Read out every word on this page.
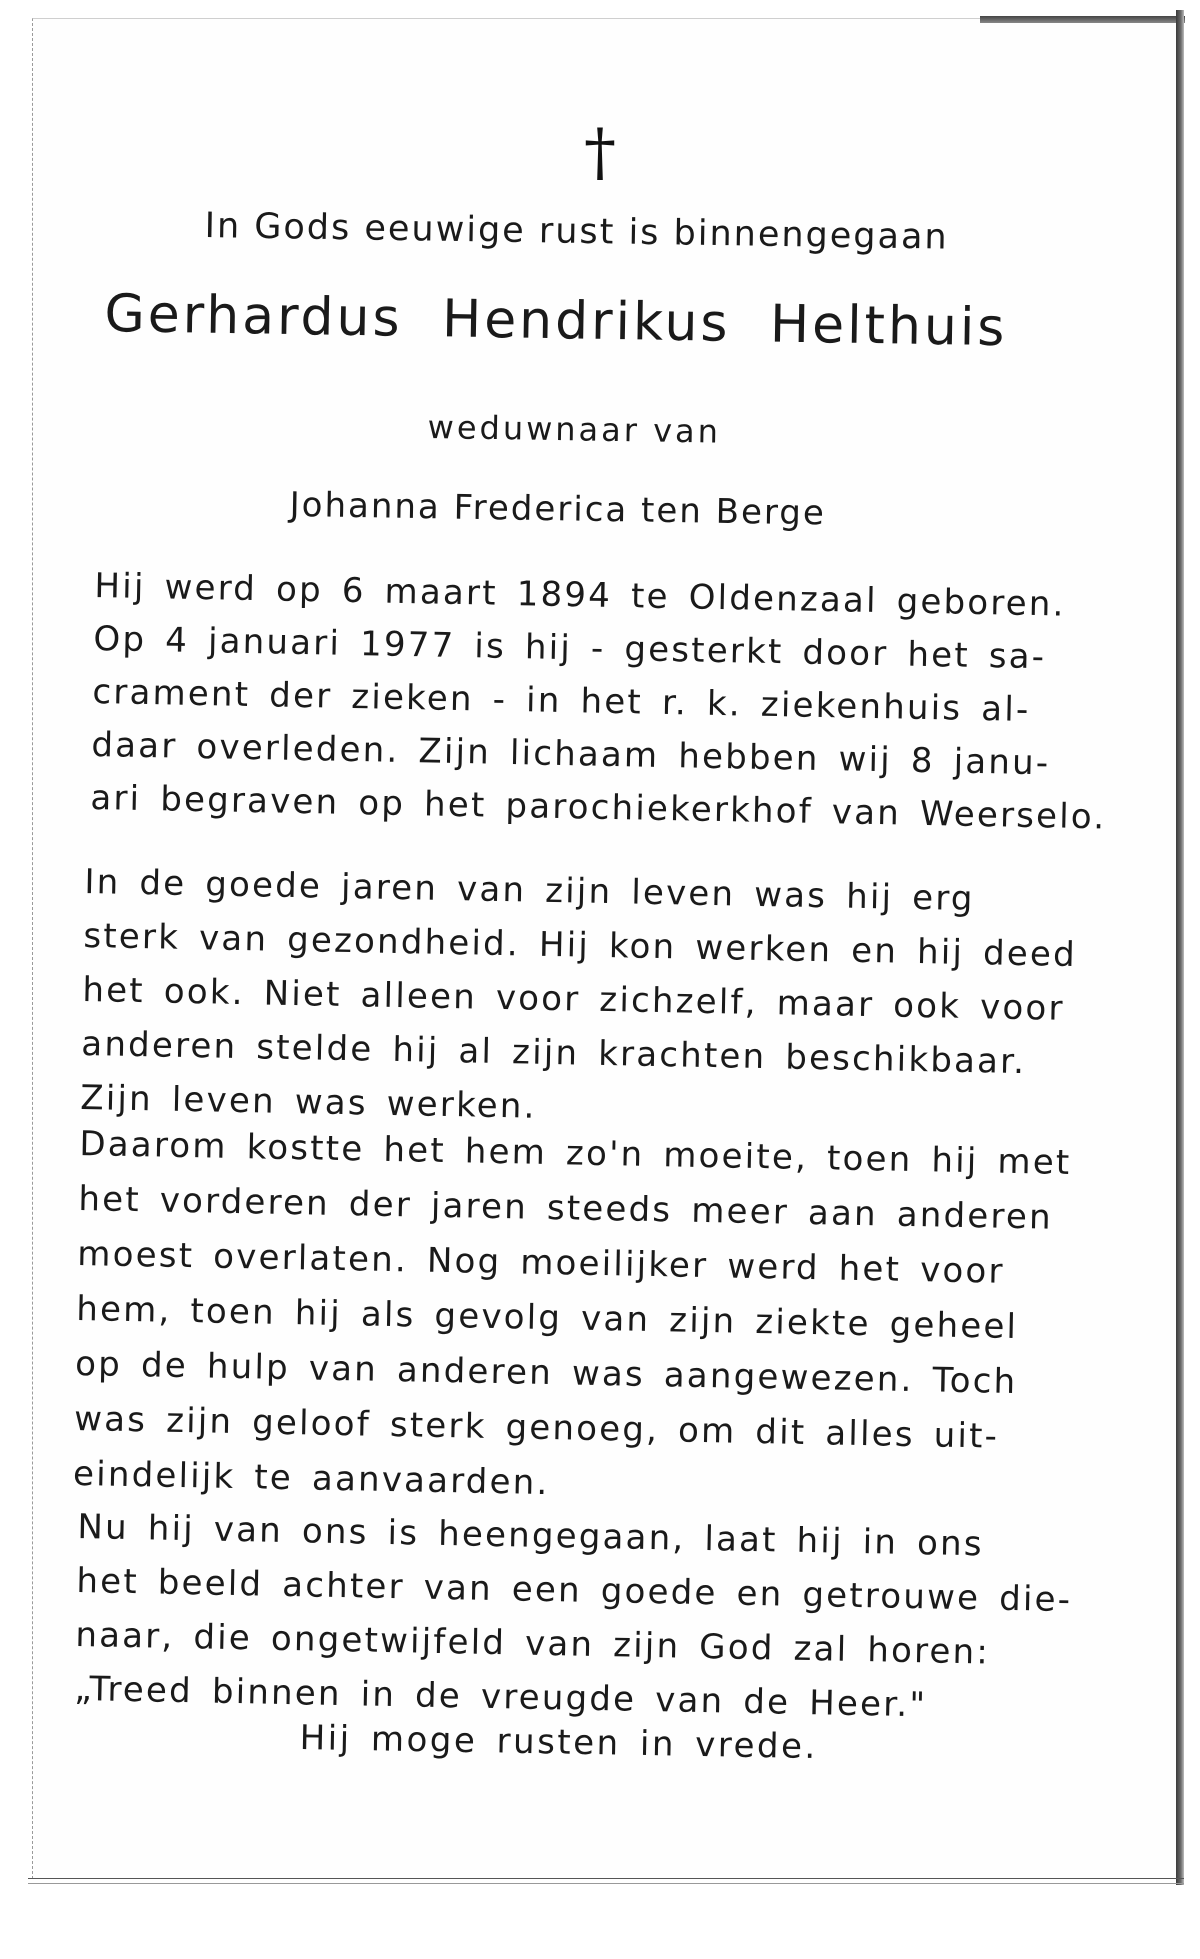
†
In Gods eeuwige rust is binnengegaan
Gerhardus Hendrikus Helthuis
weduwnaar van
Johanna Frederica ten Berge
Hij werd op 6 maart 1894 te Oldenzaal geboren.
Op 4 januari 1977 is hij - gesterkt door het sa-
crament der zieken - in het r. k. ziekenhuis al-
daar overleden. Zijn lichaam hebben wij 8 janu-
ari begraven op het parochiekerkhof van Weerselo.
In de goede jaren van zijn leven was hij erg
sterk van gezondheid. Hij kon werken en hij deed
het ook. Niet alleen voor zichzelf, maar ook voor
anderen stelde hij al zijn krachten beschikbaar.
Zijn leven was werken.
Daarom kostte het hem zo'n moeite, toen hij met
het vorderen der jaren steeds meer aan anderen
moest overlaten. Nog moeilijker werd het voor
hem, toen hij als gevolg van zijn ziekte geheel
op de hulp van anderen was aangewezen. Toch
was zijn geloof sterk genoeg, om dit alles uit-
eindelijk te aanvaarden.
Nu hij van ons is heengegaan, laat hij in ons
het beeld achter van een goede en getrouwe die-
naar, die ongetwijfeld van zijn God zal horen:
„Treed binnen in de vreugde van de Heer."
Hij moge rusten in vrede.
